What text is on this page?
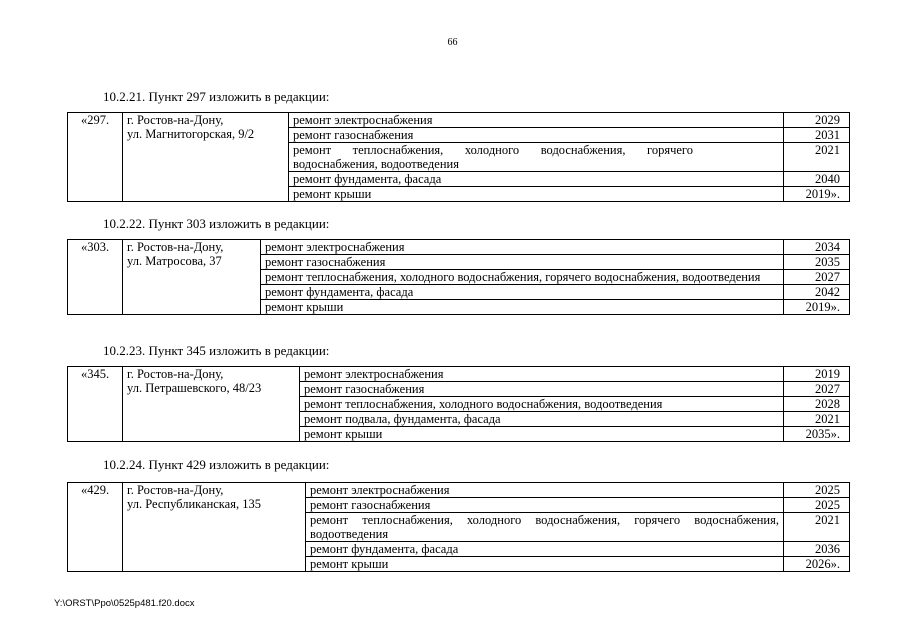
66
10.2.21. Пункт 297 изложить в редакции:
«297.	г. Ростов-на-Дону,
ул. Магнитогорская, 9/2	ремонт электроснабжения	2029
		ремонт газоснабжения	2031
		ремонт теплоснабжения, холодного водоснабжения, горячего водоснабжения, водоотведения	2021
		ремонт фундамента, фасада	2040
		ремонт крыши	2019».
10.2.22. Пункт 303 изложить в редакции:
«303.	г. Ростов-на-Дону,
ул. Матросова, 37	ремонт электроснабжения	2034
		ремонт газоснабжения	2035
		ремонт теплоснабжения, холодного водоснабжения, горячего водоснабжения, водоотведения	2027
		ремонт фундамента, фасада	2042
		ремонт крыши	2019».
10.2.23. Пункт 345 изложить в редакции:
«345.	г. Ростов-на-Дону,
ул. Петрашевского, 48/23	ремонт электроснабжения	2019
		ремонт газоснабжения	2027
		ремонт теплоснабжения, холодного водоснабжения, водоотведения	2028
		ремонт подвала, фундамента, фасада	2021
		ремонт крыши	2035».
10.2.24. Пункт 429 изложить в редакции:
«429.	г. Ростов-на-Дону,
ул. Республиканская, 135	ремонт электроснабжения	2025
		ремонт газоснабжения	2025
		ремонт теплоснабжения, холодного водоснабжения, горячего водоснабжения, водоотведения	2021
		ремонт фундамента, фасада	2036
		ремонт крыши	2026».
Y:\ORST\Ppo\0525p481.f20.docx
